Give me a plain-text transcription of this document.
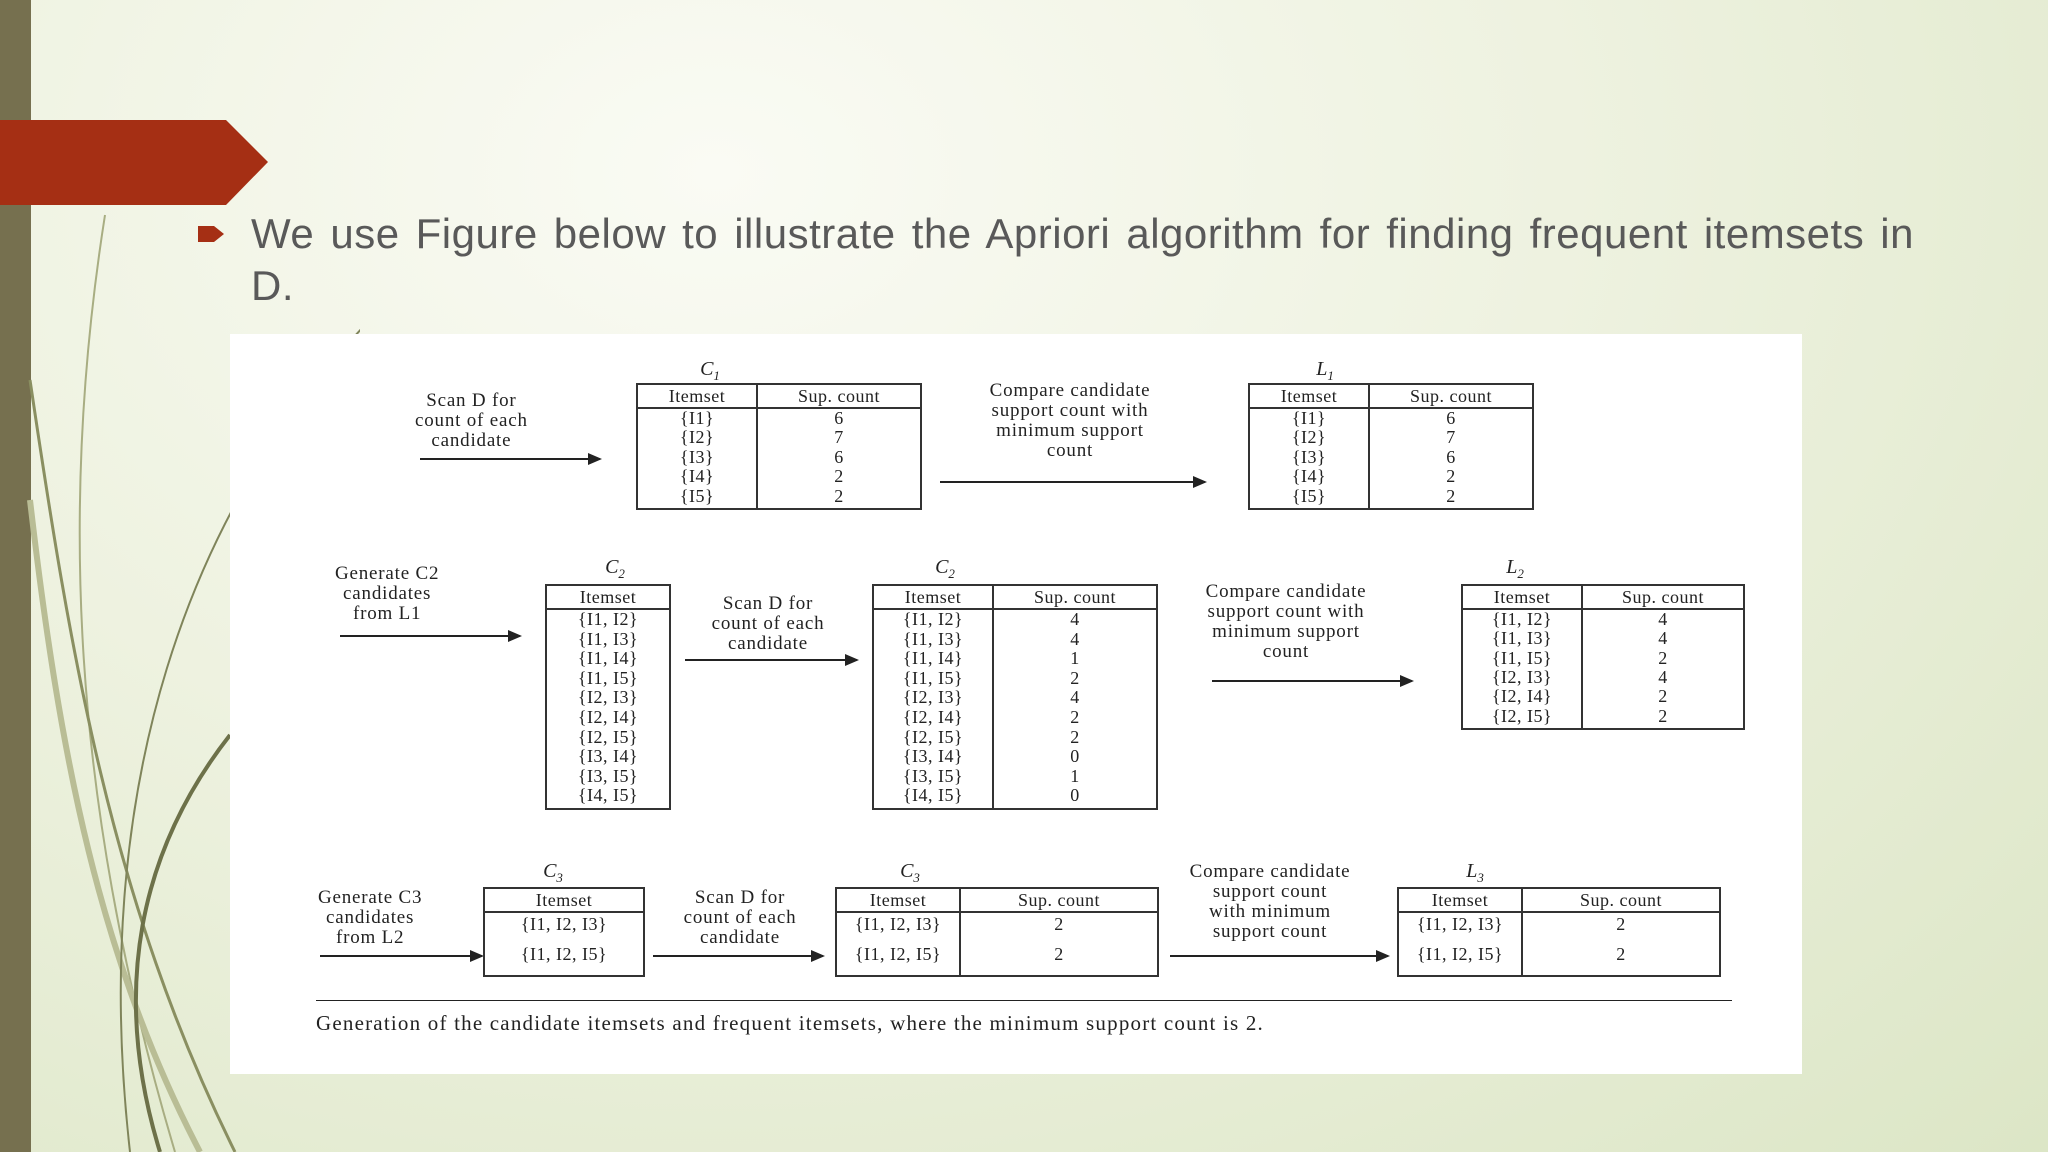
We use Figure below to illustrate the Apriori algorithm for finding frequent itemsets in D.
Scan D for
count of each
candidate
$C_1$
Itemset	Sup. count
{I1}	6
{I2}	7
{I3}	6
{I4}	2
{I5}	2
Compare candidate
support count with
minimum support
count
$L_1$
Itemset	Sup. count
{I1}	6
{I2}	7
{I3}	6
{I4}	2
{I5}	2
Generate C2
candidates
from L1
$C_2$
Itemset
{I1, I2}
{I1, I3}
{I1, I4}
{I1, I5}
{I2, I3}
{I2, I4}
{I2, I5}
{I3, I4}
{I3, I5}
{I4, I5}
Scan D for
count of each
candidate
$C_2$
Itemset	Sup. count
{I1, I2}	4
{I1, I3}	4
{I1, I4}	1
{I1, I5}	2
{I2, I3}	4
{I2, I4}	2
{I2, I5}	2
{I3, I4}	0
{I3, I5}	1
{I4, I5}	0
Compare candidate
support count with
minimum support
count
$L_2$
Itemset	Sup. count
{I1, I2}	4
{I1, I3}	4
{I1, I5}	2
{I2, I3}	4
{I2, I4}	2
{I2, I5}	2
Generate C3
candidates
from L2
$C_3$
Itemset
{I1, I2, I3}
{I1, I2, I5}
Scan D for
count of each
candidate
$C_3$
Itemset	Sup. count
{I1, I2, I3}	2
{I1, I2, I5}	2
Compare candidate
support count
with minimum
support count
$L_3$
Itemset	Sup. count
{I1, I2, I3}	2
{I1, I2, I5}	2
Generation of the candidate itemsets and frequent itemsets, where the minimum support count is 2.
